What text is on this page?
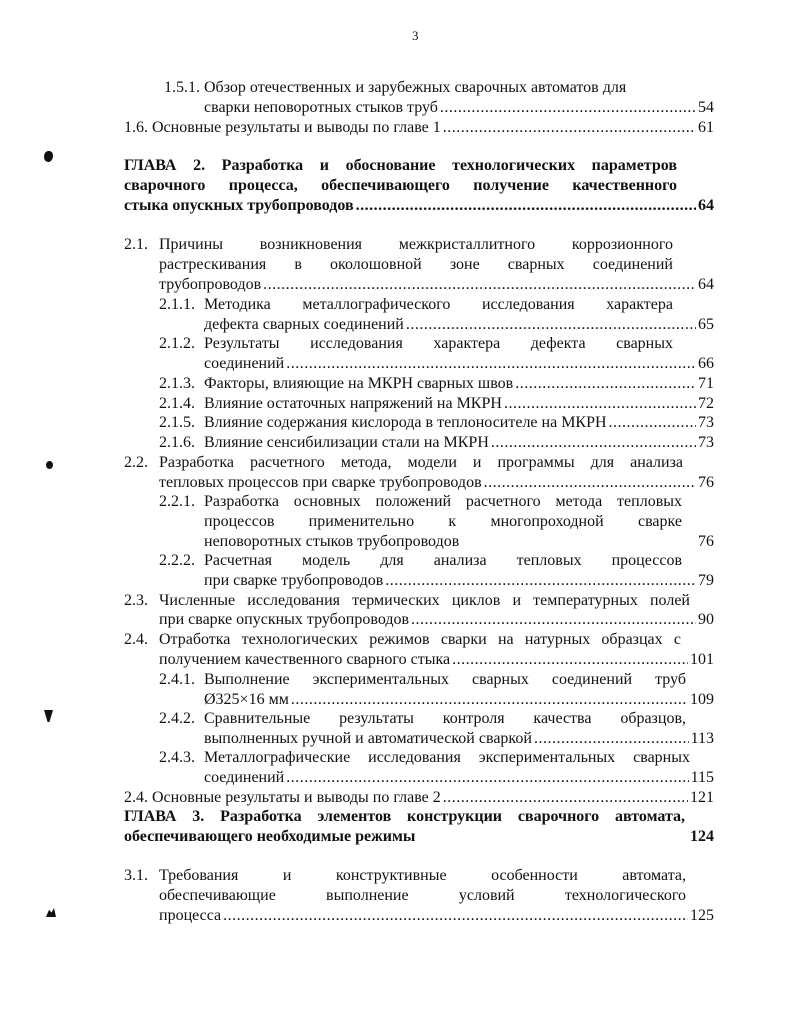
3
1.5.1. Обзор отечественных и зарубежных сварочных автоматов для
сварки неповоротных стыков труб .....	54
1.6. Основные результаты и выводы по главе 1 .....	61
ГЛАВА 2. Разработка и обоснование технологических параметров
сварочного процесса, обеспечивающего получение качественного
стыка опускных трубопроводов .....	64
2.1. Причины возникновения межкристаллитного коррозионного
растрескивания в околошовной зоне сварных соединений
трубопроводов .....	64
2.1.1. Методика металлографического исследования характера
дефекта сварных соединений .....	65
2.1.2. Результаты исследования характера дефекта сварных
соединений .....	66
2.1.3. Факторы, влияющие на МКРН сварных швов .....	71
2.1.4. Влияние остаточных напряжений на МКРН .....	72
2.1.5. Влияние содержания кислорода в теплоносителе на МКРН .....	73
2.1.6. Влияние сенсибилизации стали на МКРН .....	73
2.2. Разработка расчетного метода, модели и программы для анализа
тепловых процессов при сварке трубопроводов .....	76
2.2.1. Разработка основных положений расчетного метода тепловых
процессов применительно к многопроходной сварке
неповоротных стыков трубопроводов	76
2.2.2. Расчетная модель для анализа тепловых процессов
при сварке трубопроводов .....	79
2.3. Численные исследования термических циклов и температурных полей
при сварке опускных трубопроводов .....	90
2.4. Отработка технологических режимов сварки на натурных образцах с
получением качественного сварного стыка .....	101
2.4.1. Выполнение экспериментальных сварных соединений труб
Ø325×16 мм .....	109
2.4.2. Сравнительные результаты контроля качества образцов,
выполненных ручной и автоматической сваркой .....	113
2.4.3. Металлографические исследования экспериментальных сварных
соединений .....	115
2.4. Основные результаты и выводы по главе 2 .....	121
ГЛАВА 3. Разработка элементов конструкции сварочного автомата,
обеспечивающего необходимые режимы	124
3.1. Требования и конструктивные особенности автомата,
обеспечивающие выполнение условий технологического
процесса .....	125
